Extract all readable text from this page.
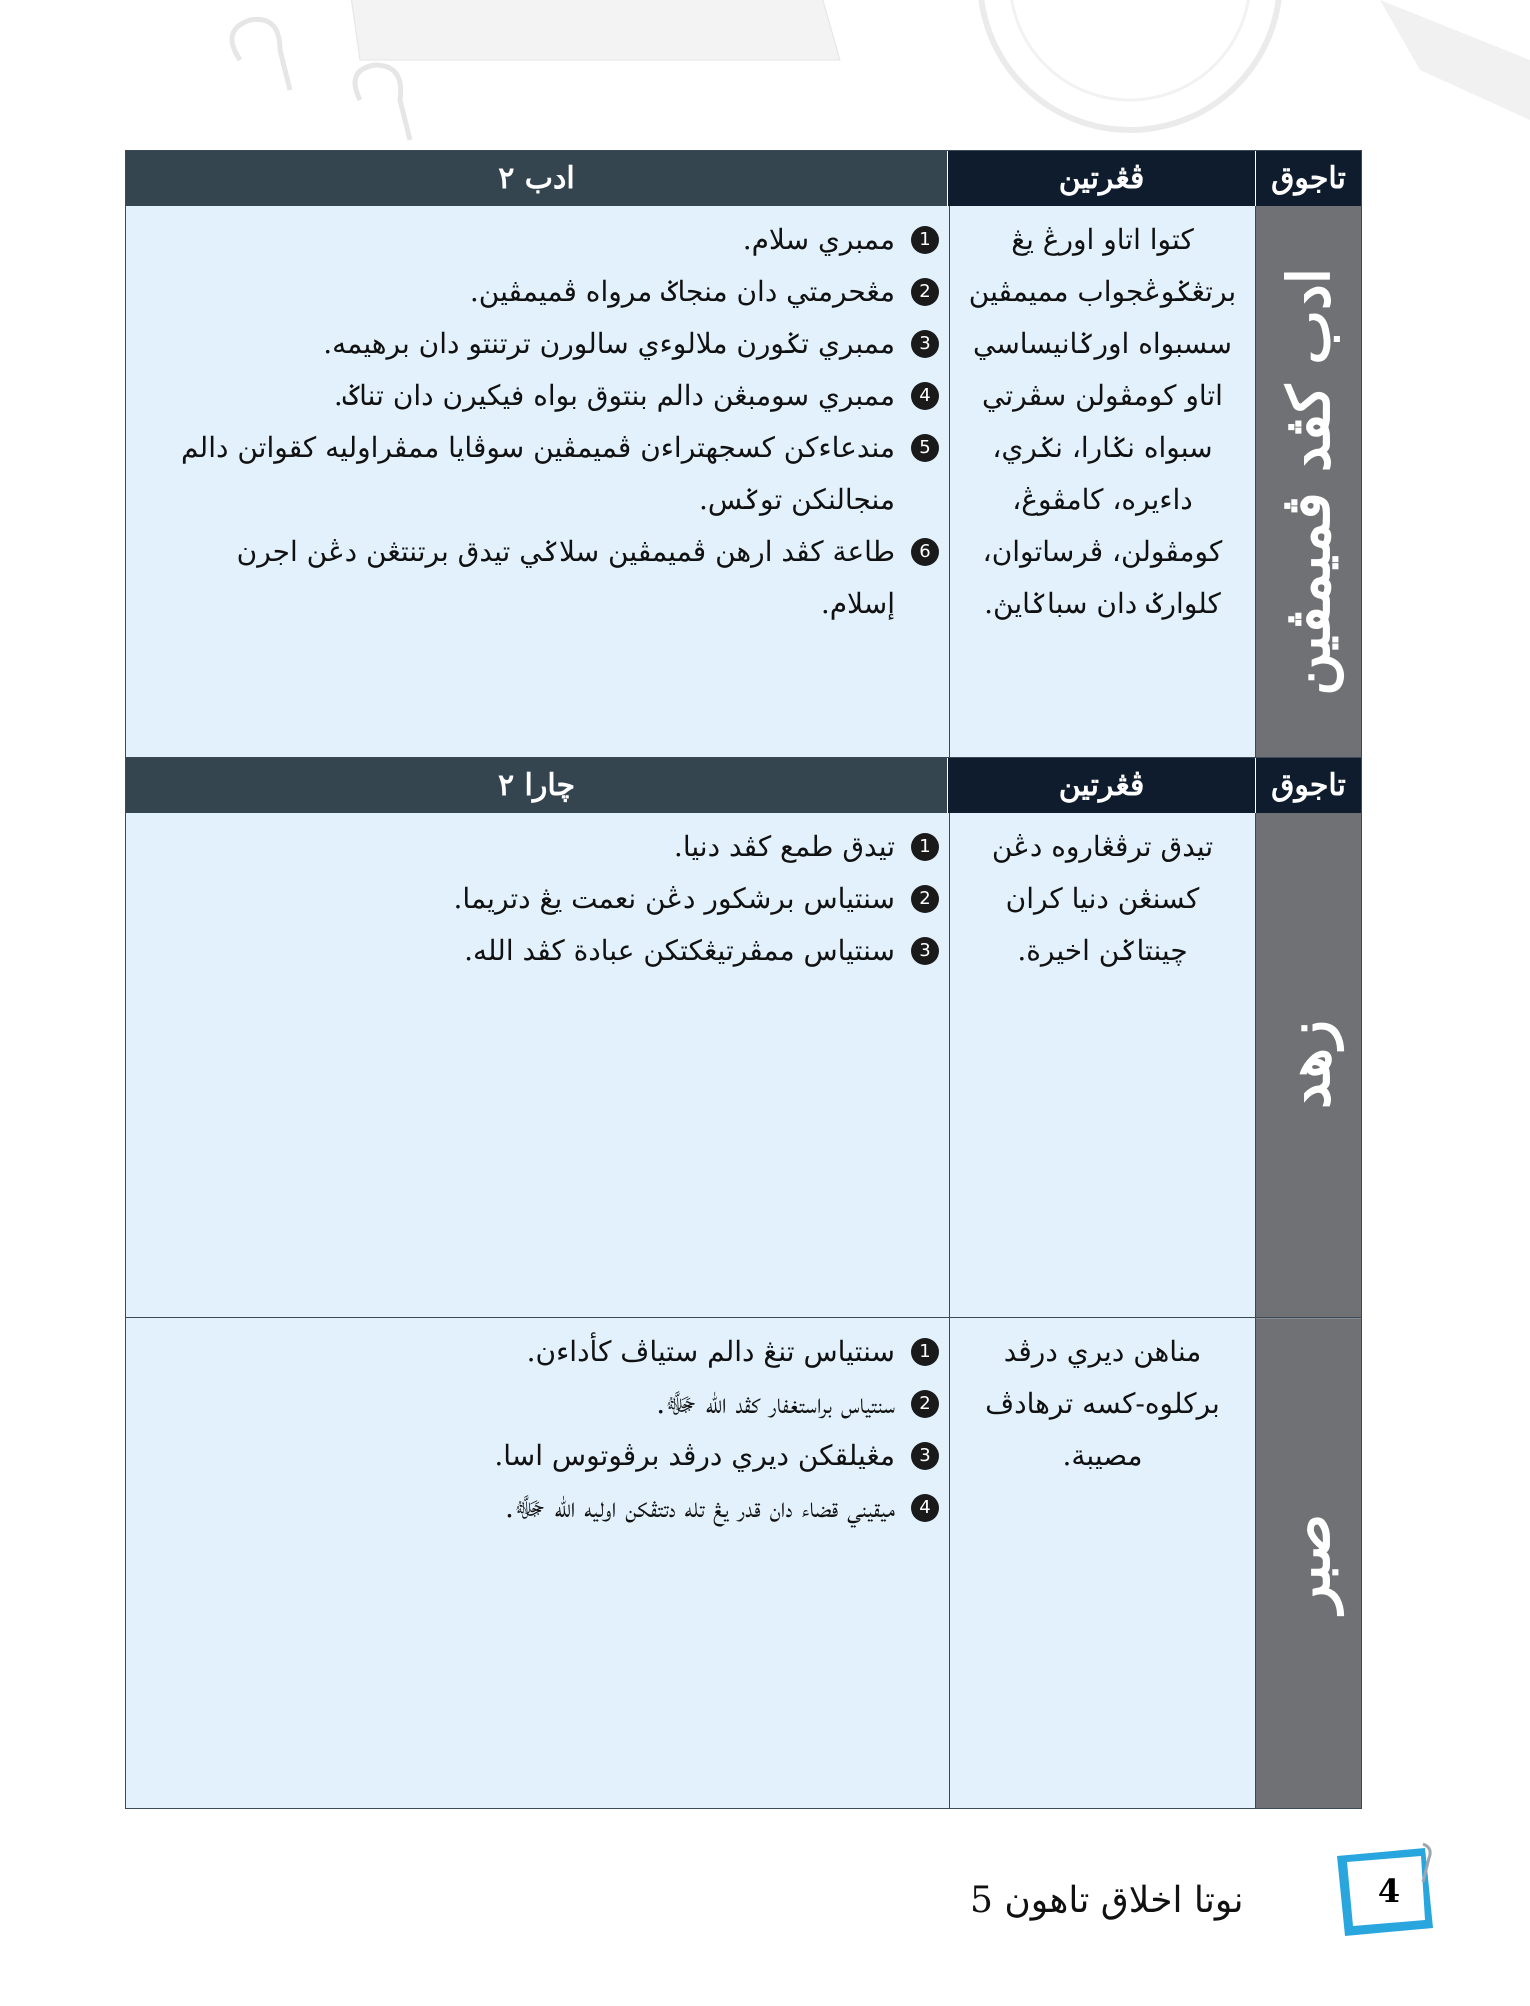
تاجوق
ڤڠرتين
ادب ٢
ادب کڤد ڤميمڤين
کتوا اتاو اورڠ يڠ برتڠݢوڠجواب مميمڤين سسبواه اورݢانيساسي اتاو کومڤولن سڤرتي سبواه نݢارا، نݢري، داءيره، کامڤوڠ، کومڤولن، ڤرساتوان، کلوارݢ دان سباݢايڽ.
1
ممبري سلام.
2
مڠحرمتي دان منجاݢ مرواه ڤميمڤين.
3
ممبري تݢورن ملالوءي سالورن ترتنتو دان برهيمه.
4
ممبري سومبڠن دالم بنتوق بواه فيکيرن دان تناݢ.
5
مندعاءکن کسجهتراءن ڤميمڤين سوڤايا ممڤراوليه کقواتن دالم منجالنکن توݢس.
6
طاعة کڤد ارهن ڤميمڤين سلاݢي تيدق برتنتڠن دڠن اجرن إسلام.
تاجوق
ڤڠرتين
چارا ٢
زهد
تيدق ترڤڠاروه دڠن کسنڠن دنيا کران چينتاݢن اخيرة.
1
تيدق طمع کڤد دنيا.
2
سنتياس برشکور دڠن نعمت يڠ دتريما.
3
سنتياس ممڤرتيڠکتکن عبادة کڤد الله.
صبر
مناهن ديري درڤد برکلوه-کسه ترهادڤ مصيبة.
1
سنتياس تنڠ دالم ستياڤ کأداءن.
2
سنتياس براستغفار کڤد الله ﷻ.
3
مڠيلقکن ديري درڤد برڤوتوس اسا.
4
ميقيني قضاء دان قدر يڠ تله دتتڤکن اوليه الله ﷻ.
نوتا اخلاق تاهون 5	4
